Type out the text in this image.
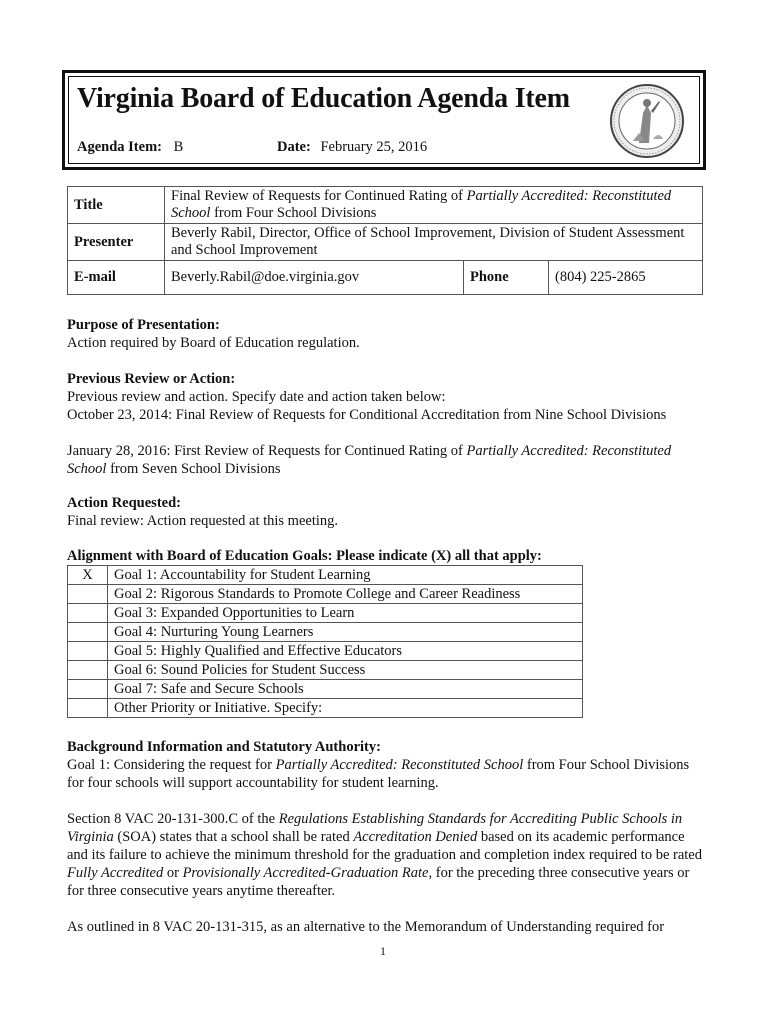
Virginia Board of Education Agenda Item
Agenda Item: B	Date: February 25, 2016
Title	Final Review of Requests for Continued Rating of Partially Accredited: Reconstituted School from Four School Divisions		
Presenter	Beverly Rabil, Director, Office of School Improvement, Division of Student Assessment and School Improvement		
E-mail	Beverly.Rabil@doe.virginia.gov	Phone	(804) 225-2865

Purpose of Presentation:

Action required by Board of Education regulation.

Previous Review or Action:

Previous review and action. Specify date and action taken below:

October 23, 2014: Final Review of Requests for Conditional Accreditation from Nine School Divisions

January 28, 2016: First Review of Requests for Continued Rating of Partially Accredited: Reconstituted School from Seven School Divisions

Action Requested:

Final review: Action requested at this meeting.

Alignment with Board of Education Goals: Please indicate (X) all that apply:

X	Goal 1: Accountability for Student Learning
	Goal 2: Rigorous Standards to Promote College and Career Readiness
	Goal 3: Expanded Opportunities to Learn
	Goal 4: Nurturing Young Learners
	Goal 5: Highly Qualified and Effective Educators
	Goal 6: Sound Policies for Student Success
	Goal 7: Safe and Secure Schools
	Other Priority or Initiative. Specify:

Background Information and Statutory Authority:

Goal 1: Considering the request for Partially Accredited: Reconstituted School from Four School Divisions for four schools will support accountability for student learning.

Section 8 VAC 20-131-300.C of the Regulations Establishing Standards for Accrediting Public Schools in Virginia (SOA) states that a school shall be rated Accreditation Denied based on its academic performance and its failure to achieve the minimum threshold for the graduation and completion index required to be rated Fully Accredited or Provisionally Accredited-Graduation Rate, for the preceding three consecutive years or for three consecutive years anytime thereafter.

As outlined in 8 VAC 20-131-315, as an alternative to the Memorandum of Understanding required for

1
